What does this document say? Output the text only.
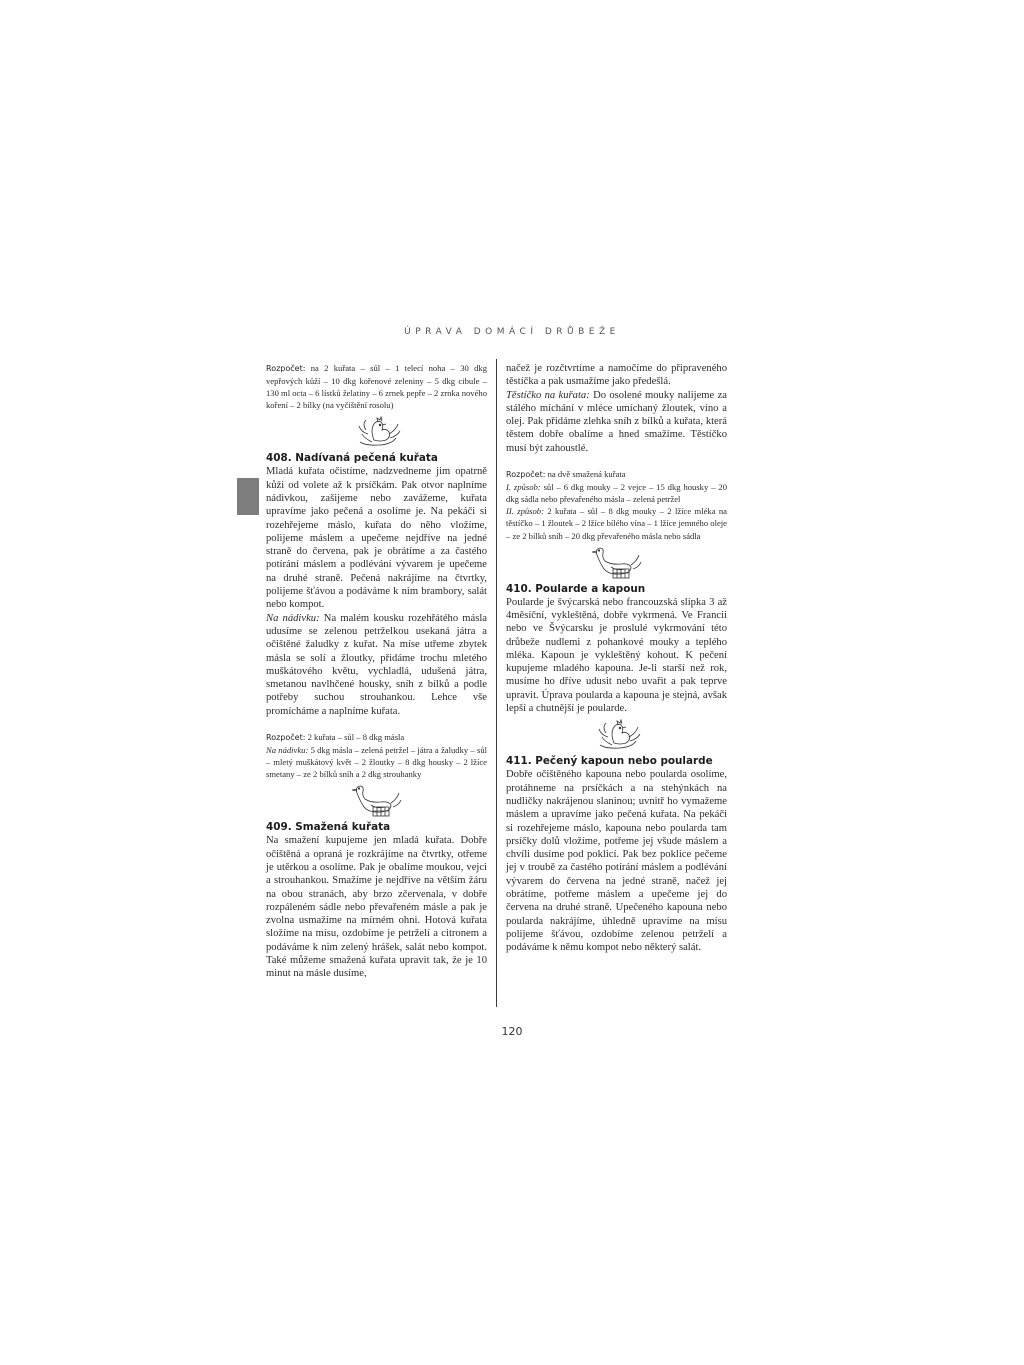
ÚPRAVA DOMÁCÍ DRŮBEŽE

Rozpočet: na 2 kuřata – sůl – 1 telecí noha – 30 dkg vepřových kůží – 10 dkg kořenové zeleniny – 5 dkg cibule – 130 ml octa – 6 lístků želatiny – 6 zrnek pepře – 2 zrnka nového koření – 2 bílky (na vyčištění rosolu)

408. Nadívaná pečená kuřata

Mladá kuřata očistíme, nadzvedneme jim opatrně kůži od volete až k prsíčkám. Pak otvor naplníme nádivkou, zašijeme nebo zavážeme, kuřata upravíme jako pečená a osolíme je. Na pekáči si rozehřejeme máslo, kuřata do něho vložíme, polijeme máslem a upečeme nejdříve na jedné straně do červena, pak je obrátíme a za častého potírání máslem a podlévání vývarem je upečeme na druhé straně. Pečená nakrájíme na čtvrtky, polijeme šťávou a podáváme k nim brambory, salát nebo kompot.

Na nádivku: Na malém kousku rozehřátého másla udusíme se zelenou petrželkou usekaná játra a očištěné žaludky z kuřat. Na míse utřeme zbytek másla se solí a žloutky, přidáme trochu mletého muškátového květu, vychladlá, udušená játra, smetanou navlhčené housky, sníh z bílků a podle potřeby suchou strouhankou. Lehce vše promícháme a naplníme kuřata.

Rozpočet: 2 kuřata – sůl – 8 dkg másla

Na nádivku: 5 dkg másla – zelená petržel – játra a žaludky – sůl – mletý muškátový květ – 2 žloutky – 8 dkg housky – 2 lžíce smetany – ze 2 bílků sníh a 2 dkg strouhanky

409. Smažená kuřata

Na smažení kupujeme jen mladá kuřata. Dobře očištěná a opraná je rozkrájíme na čtvrtky, otřeme je utěrkou a osolíme. Pak je obalíme moukou, vejci a strouhankou. Smažíme je nejdříve na větším žáru na obou stranách, aby brzo zčervenala, v dobře rozpáleném sádle nebo převařeném másle a pak je zvolna usmažíme na mírném ohni. Hotová kuřata složíme na mísu, ozdobíme je petrželí a citronem a podáváme k nim zelený hrášek, salát nebo kompot. Také můžeme smažená kuřata upravit tak, že je 10 minut na másle dusíme,

načež je rozčtvrtíme a namočíme do připraveného těstíčka a pak usmažíme jako předešlá.

Těstíčko na kuřata: Do osolené mouky nalijeme za stálého míchání v mléce umíchaný žloutek, víno a olej. Pak přidáme zlehka sníh z bílků a kuřata, která těstem dobře obalíme a hned smažíme. Těstíčko musí být zahoustlé.

Rozpočet: na dvě smažená kuřata

I. způsob: sůl – 6 dkg mouky – 2 vejce – 15 dkg housky – 20 dkg sádla nebo převařeného másla – zelená petržel

II. způsob: 2 kuřata – sůl – 8 dkg mouky – 2 lžíce mléka na těstíčko – 1 žloutek – 2 lžíce bílého vína – 1 lžíce jemného oleje – ze 2 bílků sníh – 20 dkg převařeného másla nebo sádla

410. Poularde a kapoun

Poularde je švýcarská nebo francouzská slípka 3 až 4měsíční, vykleštěná, dobře vykrmená. Ve Francii nebo ve Švýcarsku je proslulé vykrmování této drůbeže nudlemi z pohankové mouky a teplého mléka. Kapoun je vykleštěný kohout. K pečení kupujeme mladého kapouna. Je-li starší než rok, musíme ho dříve udusit nebo uvařit a pak teprve upravit. Úprava poularda a kapouna je stejná, avšak lepší a chutnější je poularde.

411. Pečený kapoun nebo poularde

Dobře očištěného kapouna nebo poularda osolíme, protáhneme na prsíčkách a na stehýnkách na nudličky nakrájenou slaninou; uvnitř ho vymažeme máslem a upravíme jako pečená kuřata. Na pekáči si rozehřejeme máslo, kapouna nebo poularda tam prsíčky dolů vložíme, potřeme jej všude máslem a chvíli dusíme pod poklicí. Pak bez poklice pečeme jej v troubě za častého potírání máslem a podlévání vývarem do červena na jedné straně, načež jej obrátíme, potřeme máslem a upečeme jej do červena na druhé straně. Upečeného kapouna nebo poularda nakrájíme, úhledně upravíme na mísu polijeme šťávou, ozdobíme zelenou petrželí a podáváme k němu kompot nebo některý salát.

120
